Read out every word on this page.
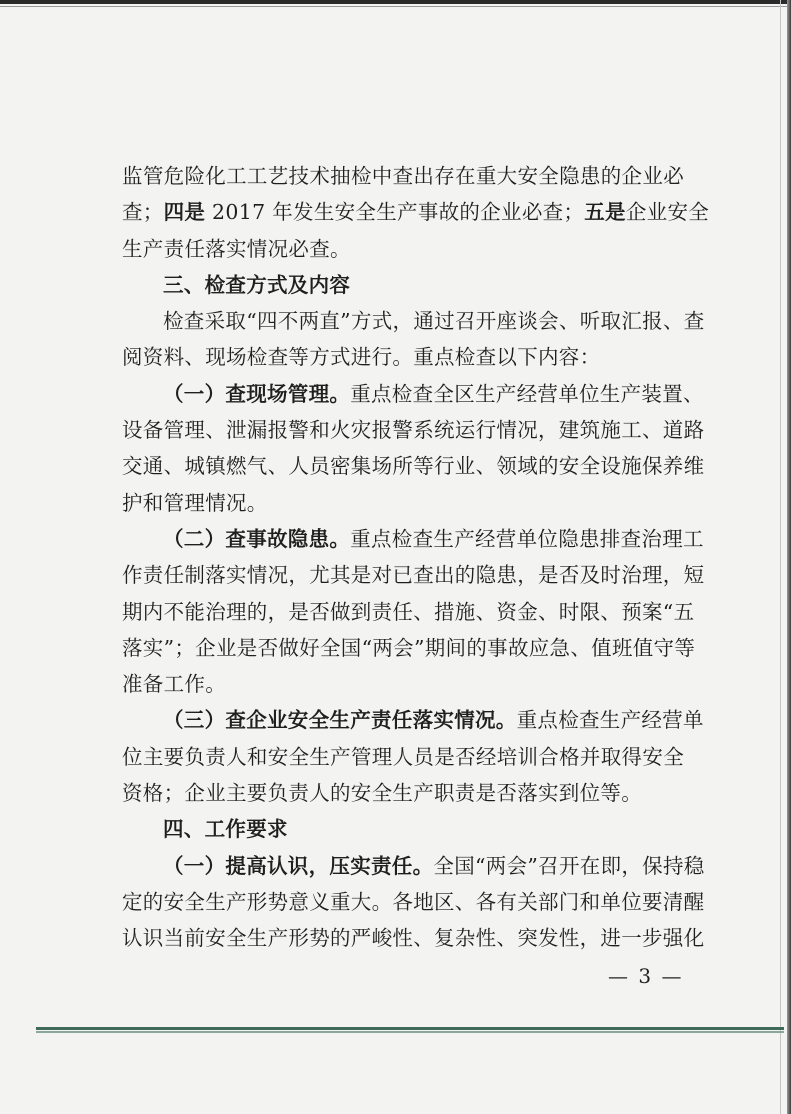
监管危险化工工艺技术抽检中查出存在重大安全隐患的企业必
查；四是 2017 年发生安全生产事故的企业必查；五是企业安全
生产责任落实情况必查。
三、检查方式及内容
检查采取“四不两直”方式，通过召开座谈会、听取汇报、查
阅资料、现场检查等方式进行。重点检查以下内容：
（一）查现场管理。重点检查全区生产经营单位生产装置、
设备管理、泄漏报警和火灾报警系统运行情况，建筑施工、道路
交通、城镇燃气、人员密集场所等行业、领域的安全设施保养维
护和管理情况。
（二）查事故隐患。重点检查生产经营单位隐患排查治理工
作责任制落实情况，尤其是对已查出的隐患，是否及时治理，短
期内不能治理的，是否做到责任、措施、资金、时限、预案“五
落实”；企业是否做好全国“两会”期间的事故应急、值班值守等
准备工作。
（三）查企业安全生产责任落实情况。重点检查生产经营单
位主要负责人和安全生产管理人员是否经培训合格并取得安全
资格；企业主要负责人的安全生产职责是否落实到位等。
四、工作要求
（一）提高认识，压实责任。全国“两会”召开在即，保持稳
定的安全生产形势意义重大。各地区、各有关部门和单位要清醒
认识当前安全生产形势的严峻性、复杂性、突发性，进一步强化
— 3 —
